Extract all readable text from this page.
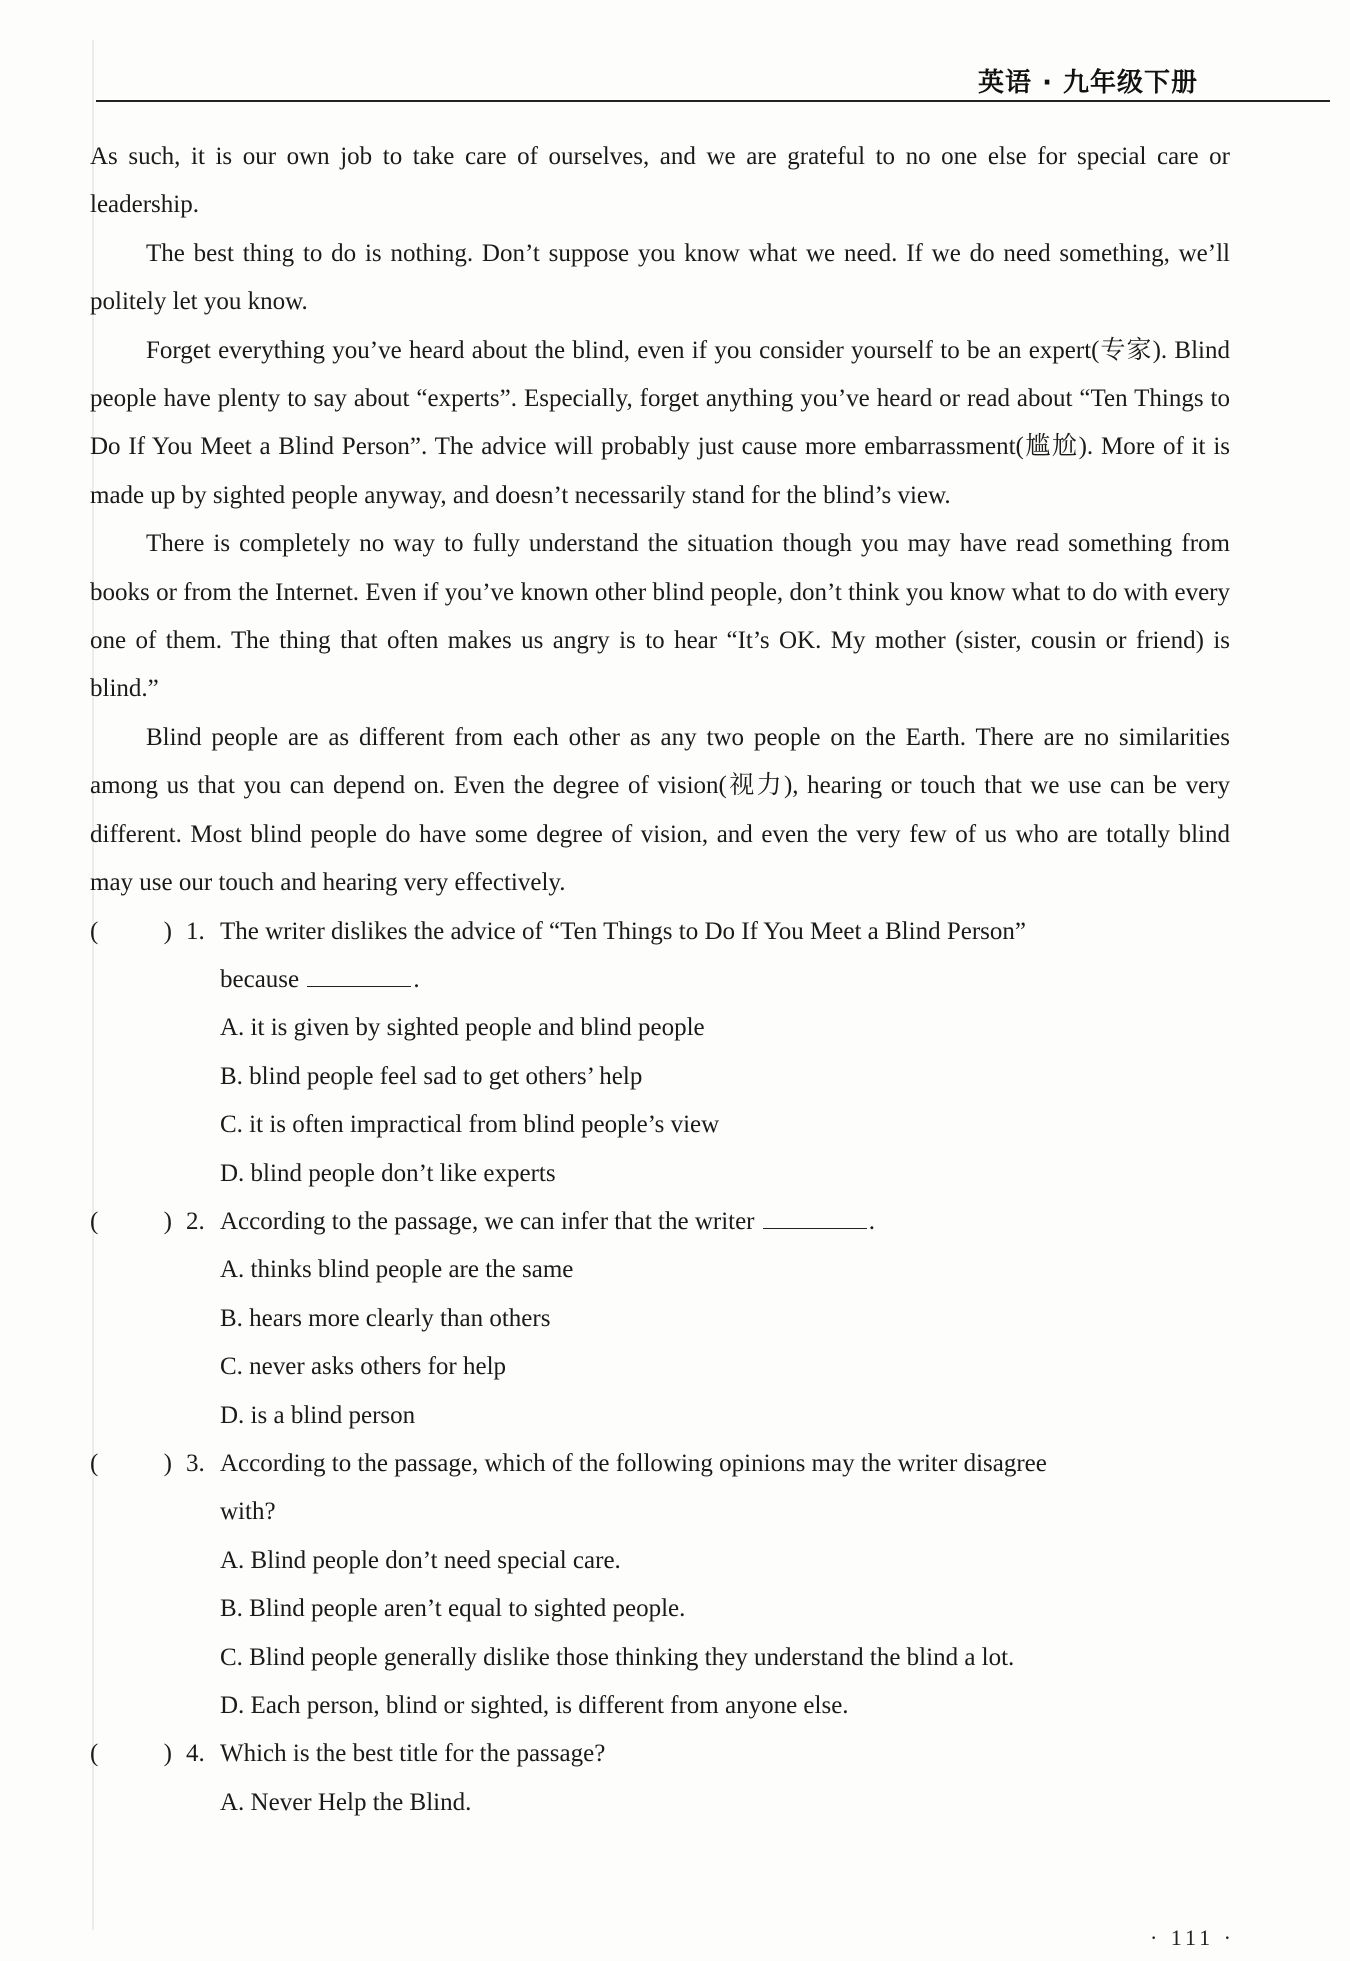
英语 · 九年级下册

As such, it is our own job to take care of ourselves, and we are grateful to no one else for special care or leadership.

The best thing to do is nothing. Don’t suppose you know what we need. If we do need something, we’ll politely let you know.

Forget everything you’ve heard about the blind, even if you consider yourself to be an expert(专家). Blind people have plenty to say about “experts”. Especially, forget anything you’ve heard or read about “Ten Things to Do If You Meet a Blind Person”. The advice will probably just cause more embarrassment(尴尬). More of it is made up by sighted people anyway, and doesn’t necessarily stand for the blind’s view.

There is completely no way to fully understand the situation though you may have read something from books or from the Internet. Even if you’ve known other blind people, don’t think you know what to do with every one of them. The thing that often makes us angry is to hear “It’s OK. My mother (sister, cousin or friend) is blind.”

Blind people are as different from each other as any two people on the Earth. There are no similarities among us that you can depend on. Even the degree of vision(视力), hearing or touch that we use can be very different. Most blind people do have some degree of vision, and even the very few of us who are totally blind may use our touch and hearing very effectively.

(	) 1. The writer dislikes the advice of “Ten Things to Do If You Meet a Blind Person”
because	.

A. it is given by sighted people and blind people

B. blind people feel sad to get others’ help

C. it is often impractical from blind people’s view

D. blind people don’t like experts

(	) 2. According to the passage, we can infer that the writer	.

A. thinks blind people are the same

B. hears more clearly than others

C. never asks others for help

D. is a blind person

(	) 3. According to the passage, which of the following opinions may the writer disagree
with?

A. Blind people don’t need special care.

B. Blind people aren’t equal to sighted people.

C. Blind people generally dislike those thinking they understand the blind a lot.

D. Each person, blind or sighted, is different from anyone else.

(	) 4. Which is the best title for the passage?

A. Never Help the Blind.

· 111 ·
